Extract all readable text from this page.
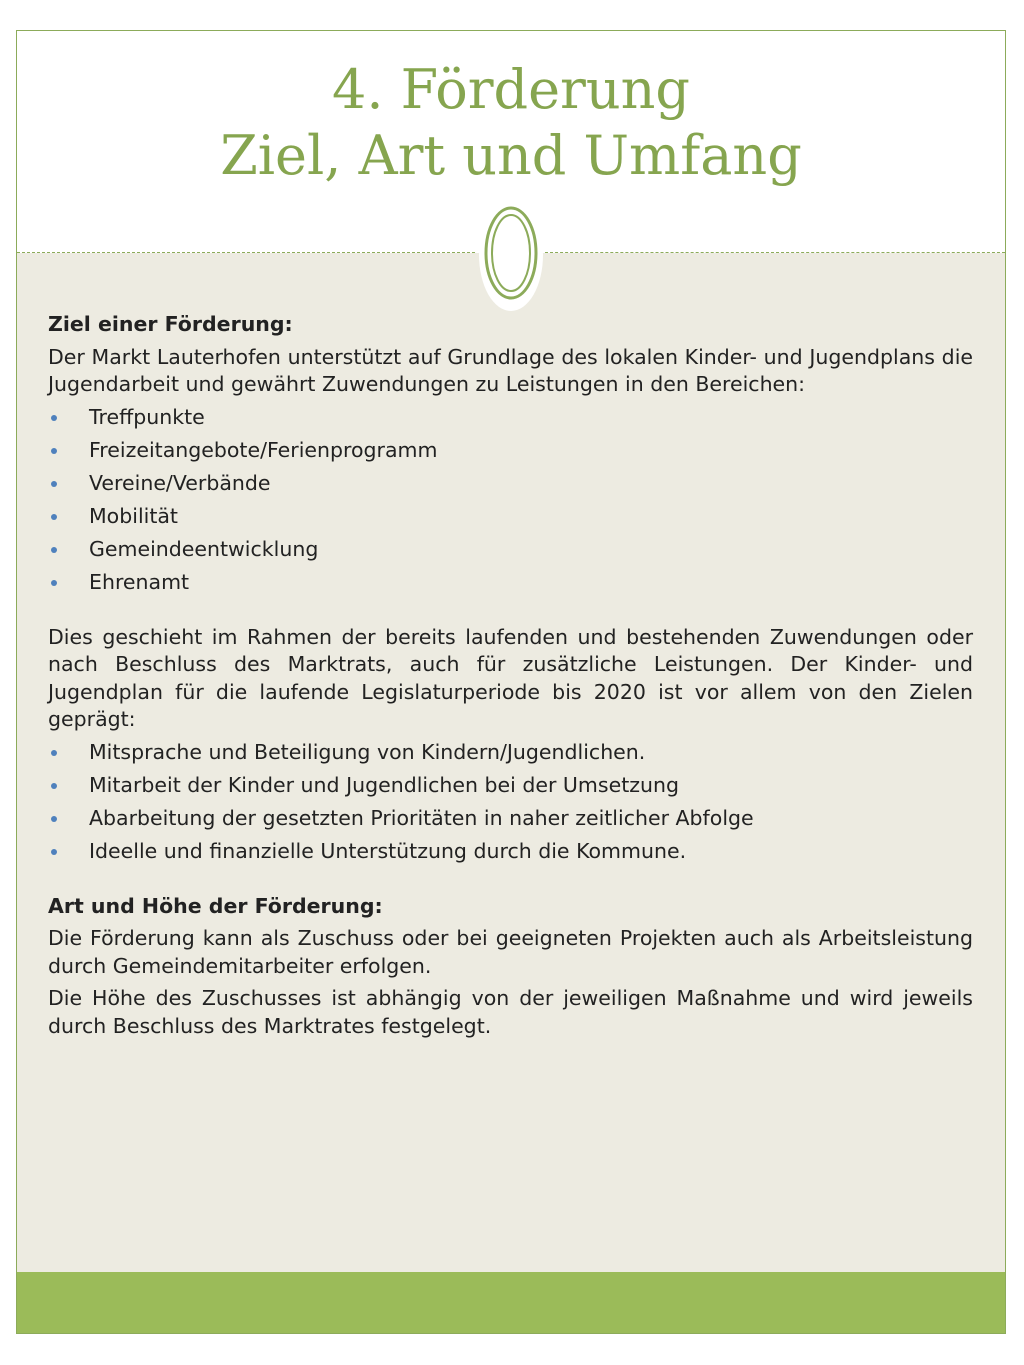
4. Förderung
Ziel, Art und Umfang

Ziel einer Förderung:

Der Markt Lauterhofen unterstützt auf Grundlage des lokalen Kinder- und Jugendplans die Jugendarbeit und gewährt Zuwendungen zu Leistungen in den Bereichen:

Treffpunkte
Freizeitangebote/Ferienprogramm
Vereine/Verbände
Mobilität
Gemeindeentwicklung
Ehrenamt

Dies geschieht im Rahmen der bereits laufenden und bestehenden Zuwendungen oder nach Beschluss des Marktrats, auch für zusätzliche Leistungen. Der Kinder- und Jugendplan für die laufende Legislaturperiode bis 2020 ist vor allem von den Zielen geprägt:

Mitsprache und Beteiligung von Kindern/Jugendlichen.
Mitarbeit der Kinder und Jugendlichen bei der Umsetzung
Abarbeitung der gesetzten Prioritäten in naher zeitlicher Abfolge
Ideelle und finanzielle Unterstützung durch die Kommune.

Art und Höhe der Förderung:

Die Förderung kann als Zuschuss oder bei geeigneten Projekten auch als Arbeitsleistung durch Gemeindemitarbeiter erfolgen.

Die Höhe des Zuschusses ist abhängig von der jeweiligen Maßnahme und wird jeweils durch Beschluss des Marktrates festgelegt.
